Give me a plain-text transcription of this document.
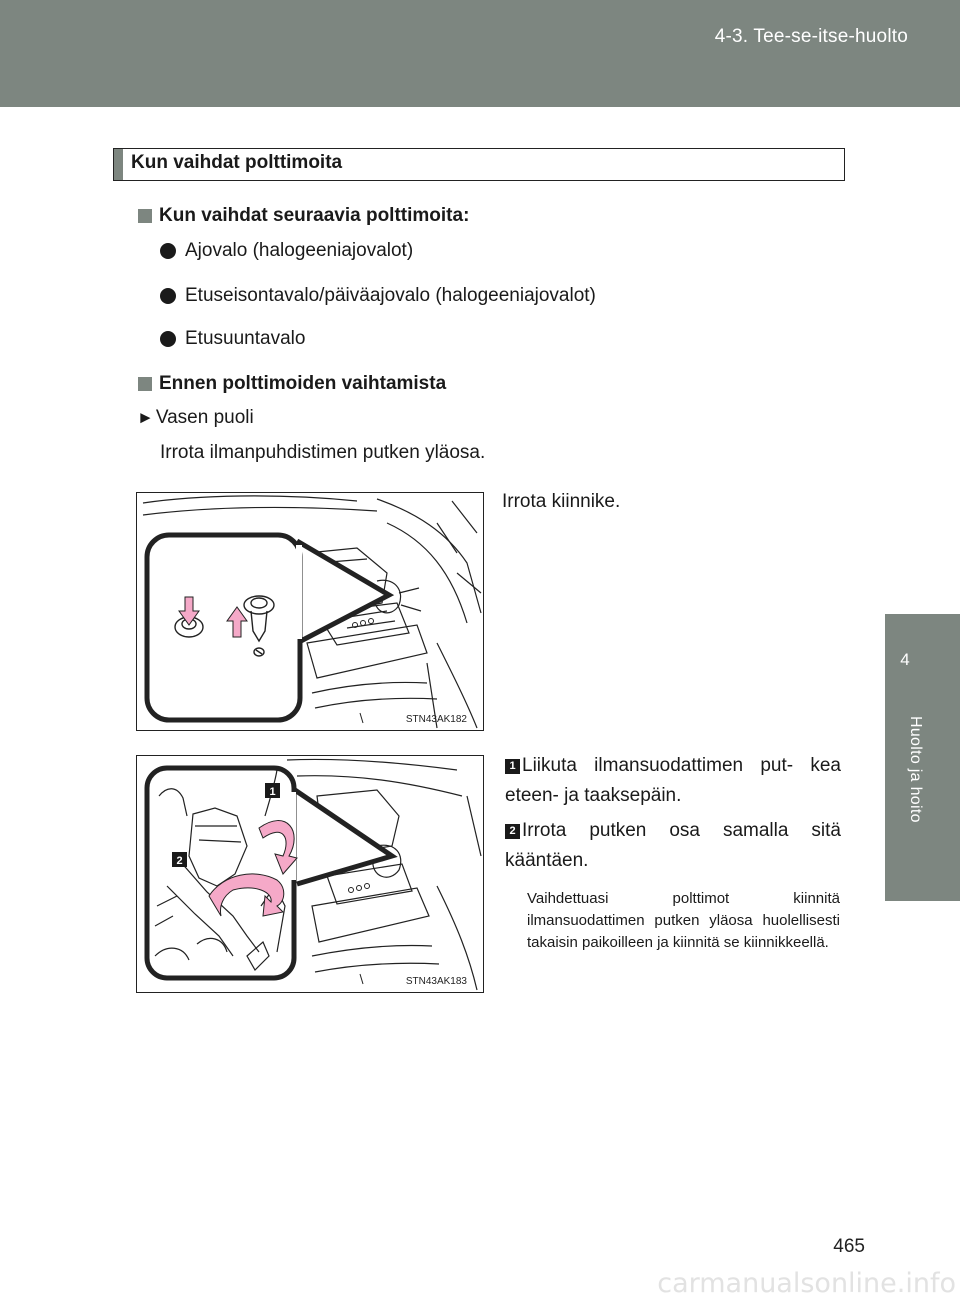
4-3. Tee-se-itse-huolto
4
Huolto ja hoito
Kun vaihdat polttimoita
Kun vaihdat seuraavia polttimoita:
Ajovalo (halogeeniajovalot)
Etuseisontavalo/päiväajovalo (halogeeniajovalot)
Etusuuntavalo
Ennen polttimoiden vaihtamista
► Vasen puoli
Irrota ilmanpuhdistimen putken yläosa.
STN43AK182
Irrota kiinnike.
1
2
STN43AK183
1 Liikuta ilmansuodattimen put- kea eteen- ja taaksepäin.
2 Irrota putken osa samalla sitä kääntäen.
Vaihdettuasi polttimot kiinnitä ilmansuodattimen putken yläosa huolellisesti takaisin paikoilleen ja kiinnitä se kiinnikkeellä.
465
carmanualsonline.info
